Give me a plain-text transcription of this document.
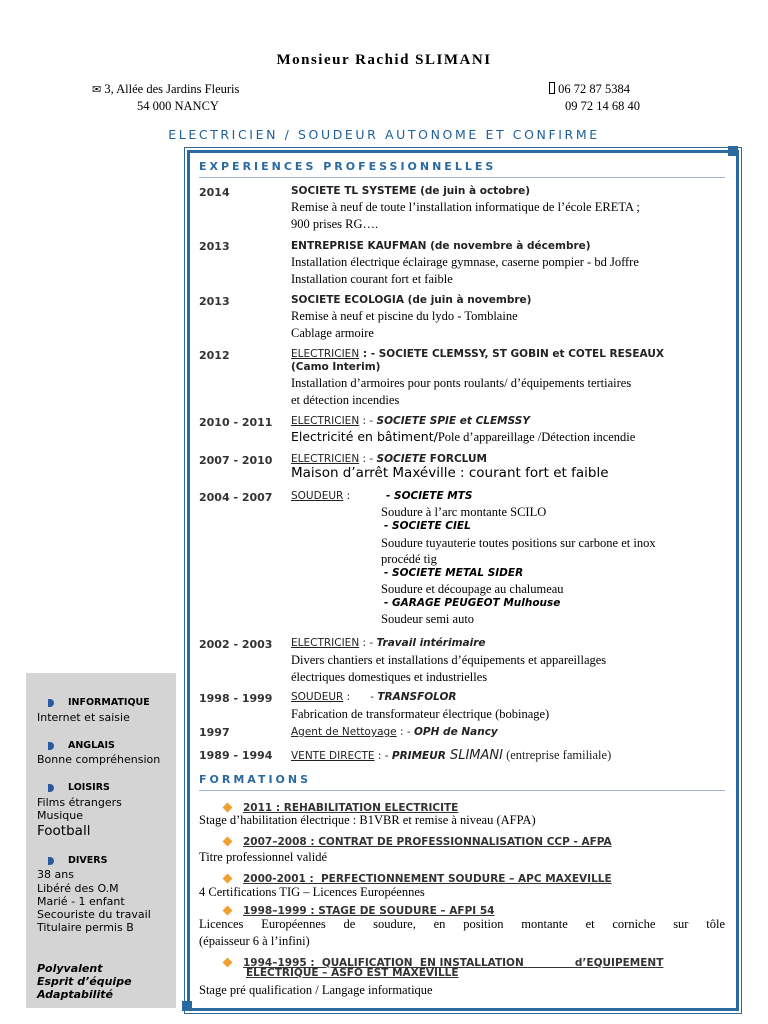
Monsieur Rachid SLIMANI
✉ 3, Allée des Jardins Fleuris
54 000 NANCY
06 72 87 5384
09 72 14 68 40
ELECTRICIEN / SOUDEUR AUTONOME ET CONFIRME
EXPERIENCES PROFESSIONNELLES
2014	SOCIETE TL SYSTEME (de juin à octobre)
Remise à neuf de toute l’installation informatique de l’école ERETA ;
900 prises RG….
2013	ENTREPRISE KAUFMAN (de novembre à décembre)
Installation électrique éclairage gymnase, caserne pompier - bd Joffre
Installation courant fort et faible
2013	SOCIETE ECOLOGIA (de juin à novembre)
Remise à neuf et piscine du lydo - Tomblaine
Cablage armoire
2012	ELECTRICIEN : - SOCIETE CLEMSSY, ST GOBIN et COTEL RESEAUX
(Camo Interim)
Installation d’armoires pour ponts roulants/ d’équipements tertiaires
et détection incendies
2010 - 2011 ELECTRICIEN : - SOCIETE SPIE et CLEMSSY
Electricité en bâtiment/Pole d’appareillage /Détection incendie
2007 - 2010 ELECTRICIEN : - SOCIETE FORCLUM
Maison d’arrêt Maxéville : courant fort et faible
2004 - 2007 SOUDEUR :	- SOCIETE MTS
Soudure à l’arc montante SCILO
- SOCIETE CIEL
Soudure tuyauterie toutes positions sur carbone et inox
procédé tig
- SOCIETE METAL SIDER
Soudure et découpage au chalumeau
- GARAGE PEUGEOT Mulhouse
Soudeur semi auto
2002 - 2003 ELECTRICIEN : - Travail intérimaire
Divers chantiers et installations d’équipements et appareillages
électriques domestiques et industrielles
1998 - 1999 SOUDEUR :      - TRANSFOLOR
Fabrication de transformateur électrique (bobinage)
1997	Agent de Nettoyage : - OPH de Nancy
1989 - 1994 VENTE DIRECTE : - PRIMEUR SLIMANI (entreprise familiale)
FORMATIONS
2011 : REHABILITATION ELECTRICITE
Stage d’habilitation électrique : B1VBR et remise à niveau (AFPA)
2007–2008 : CONTRAT DE PROFESSIONNALISATION CCP - AFPA
Titre professionnel validé
2000-2001 :  PERFECTIONNEMENT SOUDURE – APC MAXEVILLE
4 Certifications TIG – Licences Européennes
1998–1999 : STAGE DE SOUDURE – AFPI 54
Licences Européennes de soudure, en position montante et corniche sur tôle
(épaisseur 6 à l’infini)
1994–1995 :  QUALIFICATION  EN INSTALLATION              d’EQUIPEMENT
ELECTRIQUE – ASFO EST MAXEVILLE
Stage pré qualification / Langage informatique
INFORMATIQUE
Internet et saisie
ANGLAIS
Bonne compréhension
LOISIRS
Films étrangers
Musique
Football
DIVERS
38 ans
Libéré des O.M
Marié - 1 enfant
Secouriste du travail
Titulaire permis B
Polyvalent
Esprit d’équipe
Adaptabilité
